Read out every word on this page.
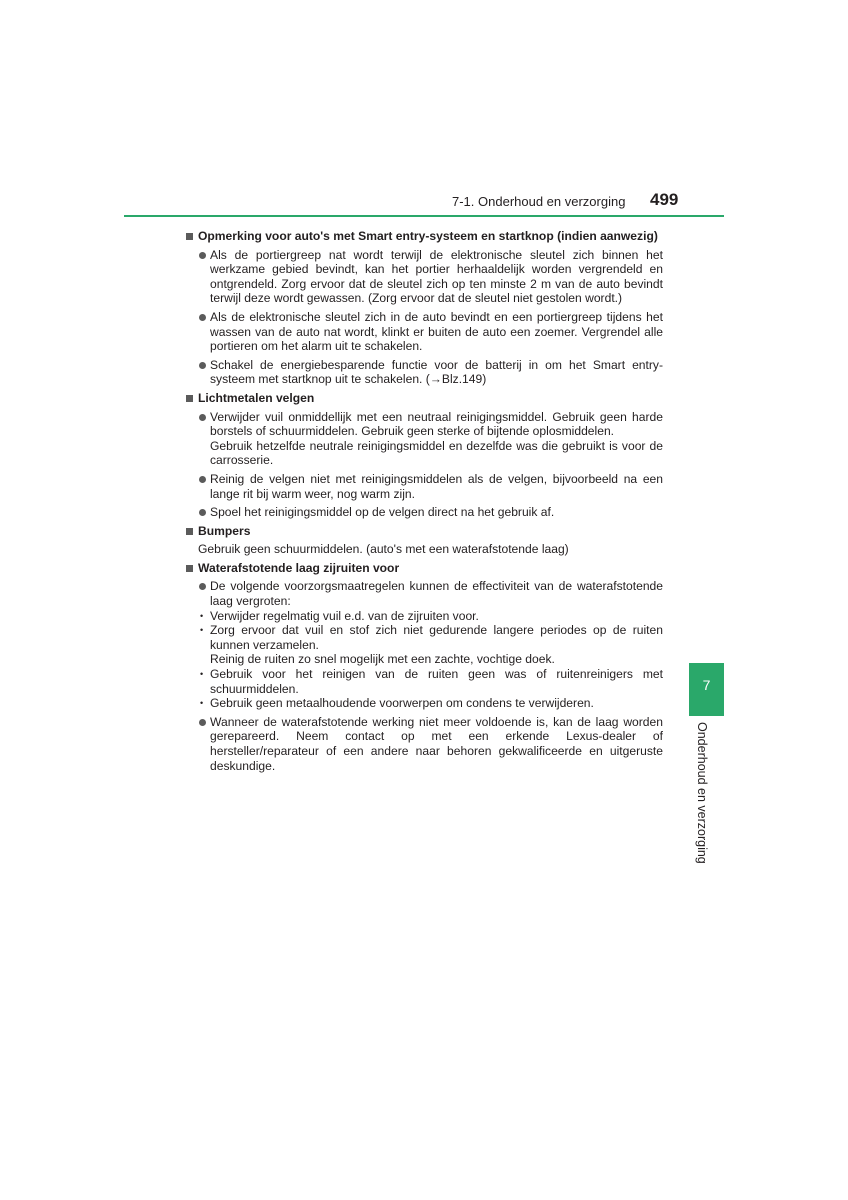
7-1. Onderhoud en verzorging 499
Opmerking voor auto's met Smart entry-systeem en startknop (indien aanwezig)
Als de portiergreep nat wordt terwijl de elektronische sleutel zich binnen het werkzame gebied bevindt, kan het portier herhaaldelijk worden vergrendeld en ontgrendeld. Zorg ervoor dat de sleutel zich op ten minste 2 m van de auto bevindt terwijl deze wordt gewassen. (Zorg ervoor dat de sleutel niet gestolen wordt.)
Als de elektronische sleutel zich in de auto bevindt en een portiergreep tijdens het wassen van de auto nat wordt, klinkt er buiten de auto een zoemer. Vergrendel alle portieren om het alarm uit te schakelen.
Schakel de energiebesparende functie voor de batterij in om het Smart entry-systeem met startknop uit te schakelen. (→Blz.149)
Lichtmetalen velgen
Verwijder vuil onmiddellijk met een neutraal reinigingsmiddel. Gebruik geen harde borstels of schuurmiddelen. Gebruik geen sterke of bijtende oplosmiddelen.
Gebruik hetzelfde neutrale reinigingsmiddel en dezelfde was die gebruikt is voor de carrosserie.
Reinig de velgen niet met reinigingsmiddelen als de velgen, bijvoorbeeld na een lange rit bij warm weer, nog warm zijn.
Spoel het reinigingsmiddel op de velgen direct na het gebruik af.
Bumpers
Gebruik geen schuurmiddelen. (auto's met een waterafstotende laag)
Waterafstotende laag zijruiten voor
De volgende voorzorgsmaatregelen kunnen de effectiviteit van de waterafstotende laag vergroten:
• Verwijder regelmatig vuil e.d. van de zijruiten voor.
• Zorg ervoor dat vuil en stof zich niet gedurende langere periodes op de ruiten kunnen verzamelen.
Reinig de ruiten zo snel mogelijk met een zachte, vochtige doek.
• Gebruik voor het reinigen van de ruiten geen was of ruitenreinigers met schuurmiddelen.
• Gebruik geen metaalhoudende voorwerpen om condens te verwijderen.
Wanneer de waterafstotende werking niet meer voldoende is, kan de laag worden gerepareerd. Neem contact op met een erkende Lexus-dealer of hersteller/reparateur of een andere naar behoren gekwalificeerde en uitgeruste deskundige.
7
Onderhoud en verzorging
